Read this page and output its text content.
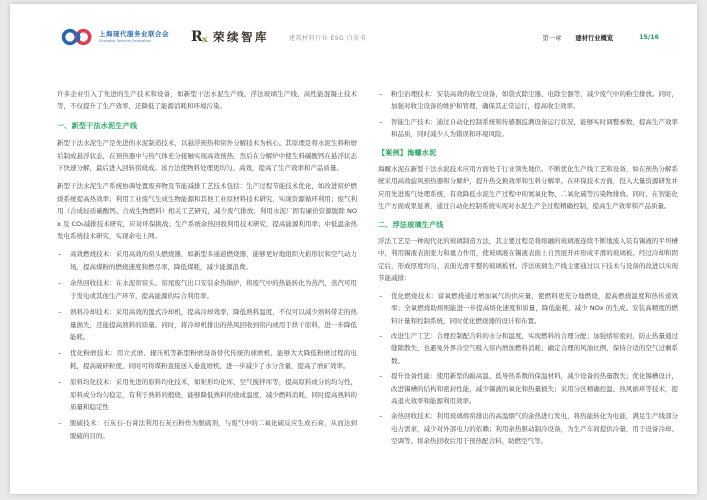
上海现代服务业联合会
Shanghai Services Federation	R
x 荣续智库	建筑材料行业 ESG 白皮书	第一章 建材行业概览	15/16
许多企业引入了先进的生产技术和设备，如新型干法水泥生产线、浮法玻璃生产线、高性能混凝土技术等，不仅提升了生产效率，还降低了能源消耗和环境污染。
一、新型干法水泥生产线
新型干法水泥生产是先进的水泥制造技术，以悬浮预热和窑外分解技术为核心。其原理是将水泥生料粉磨后制成悬浮状态，在预热器中与热气体充分接触实现高效预热，然后在分解炉中使生料碳酸钙在悬浮状态下快速分解，最后进入回转窑烧成。该方法使物料处理更均匀、高效，提高了生产效率和产品质量。
新型干法水泥生产系统协调处置废弃物及节能减排工艺技术包括：生产过程节能技术优化，如改进窑炉燃烧系统提高热效率；利用工业废气生成生物能源和其他工业原材料技术研究，实现资源循环利用；废气利用（合成轻质碳酸钙、合成生物燃料）相关工艺研究，减少废气排放；利用水泥厂固有廉价资源脱除 NOx 及 CO₂减排技术研究，应对环保挑战；生产系统余热回收利用技术研究，提高能源利用率；中低温余热发电系统技术研究，实现余电上网。
– 高效燃烧技术：采用高效的窑头燃烧器，如新型多通道燃烧器，能够更好地组织火焰形状和空气动力场，提高煤粉的燃烧速度和燃尽率，降低煤耗，减少能源浪费。
– 余热回收技术：在水泥窑窑头、窑尾废气出口安装余热锅炉，将废气中的热能转化为蒸汽，蒸汽可用于发电或其他生产环节，提高能源的综合利用率。
– 熟料冷却技术：采用高效的篦式冷却机，提高冷却效率，降低熟料温度，不仅可以减少熟料带走的热量损失，还能提高熟料的质量。同时，将冷却机排出的热风回收到窑内或用于烘干原料，进一步降低能耗。
– 优化粉磨技术：用立式磨、辊压机等新型粉磨设备替代传统的球磨机，能够大大降低粉磨过程的电耗，提高破碎粒度，同时可将煤粉直接送入垂直磨机，进一步减少了水分含量，提高了磨矿效率。
– 原料均化技术：采用先进的原料均化技术，如矩形均化库、空气搅拌库等，提高原料成分的均匀性，原料成分均匀稳定，有利于熟料的煅烧，能够降低熟料的烧成温度，减少燃料消耗，同时提高熟料的质量和稳定性
– 脱硫技术：石灰石-石膏法利用石灰石粉作为脱硫剂，与废气中的二氧化硫反应生成石膏，从而达到脱硫的目的。
– 粉尘治理技术：安装高效的收尘设备，如袋式除尘器、电除尘器等，减少废气中的粉尘排放。同时，加强对收尘设备的维护和管理，确保其正常运行，提高收尘效率。
– 智能生产技术：通过自动化控制系统和传感器监测设备运行状况，能够实时调整参数，提高生产效率和品质，同时减少人为错误和环境风险。
【案例】海螺水泥
海螺水泥在新型干法水泥技术应用方面处于行业领先地位。不断优化生产线工艺和设备，如在预热分解系统采用高效旋风预热器和分解炉，提升热交换效率和生料分解率。在环保技术方面，投入大量资源研发并应用先进废气处理系统，有效降低水泥生产过程中的氮氧化物、二氧化硫等污染物排放。同时，在智能化生产方面成果显著，通过自动化控制系统实现对水泥生产全过程精确控制，提高生产效率和产品质量。
二、浮法玻璃生产线
浮法工艺是一种现代化的玻璃制造方法，其主要过程是将熔融的玻璃液连续不断地流入装有锡液的平坦槽中，利用锡液表面张力和重力作用，使玻璃液在锡液表面上自然展开并形成平滑的玻璃板。经过冷却和固定后，形成厚度均匀、表面光滑平整的玻璃板材。浮法玻璃生产线主要通过以下技术与设备的改进以实现节能减排：
– 优化燃烧技术：富氧燃烧通过增加氧气的供应量，使燃料更充分地燃烧，提高燃烧温度和热传递效率；全氧燃烧助熔则能进一步提高熔化速度和质量，降低能耗，减少 NOx 的生成。安装高精度的燃料计量和控制系统，同时优化燃烧器的设计和布置。
– 改进生产工艺：合理控制配合料的水分和温度，实现燃料的合理分配；加强熔窑密封，防止热量通过缝隙散失，也避免外界冷空气吸入窑内增加燃料消耗；确定合理的风油比例，保持合适的空气过剩系数。
– 提升设备性能：使用新型的耐高温、低导热系数的保温材料，减少设备的热量散失；优化锡槽设计，改进锡槽的结构和密封性能，减少锡液的氧化和热量损失；采用分区精确控温、热风循环等技术，提高退火效率和能源利用效率。
– 余热回收技术：利用玻璃熔窑排出的高温烟气的余热进行发电，将热能转化为电能，满足生产线部分电力需求，减少对外部电力的依赖；利用余热驱动制冷设备，为生产车间提供冷量，用于设备冷却、空调等。将余热回收后用于预热配合料、助燃空气等。
